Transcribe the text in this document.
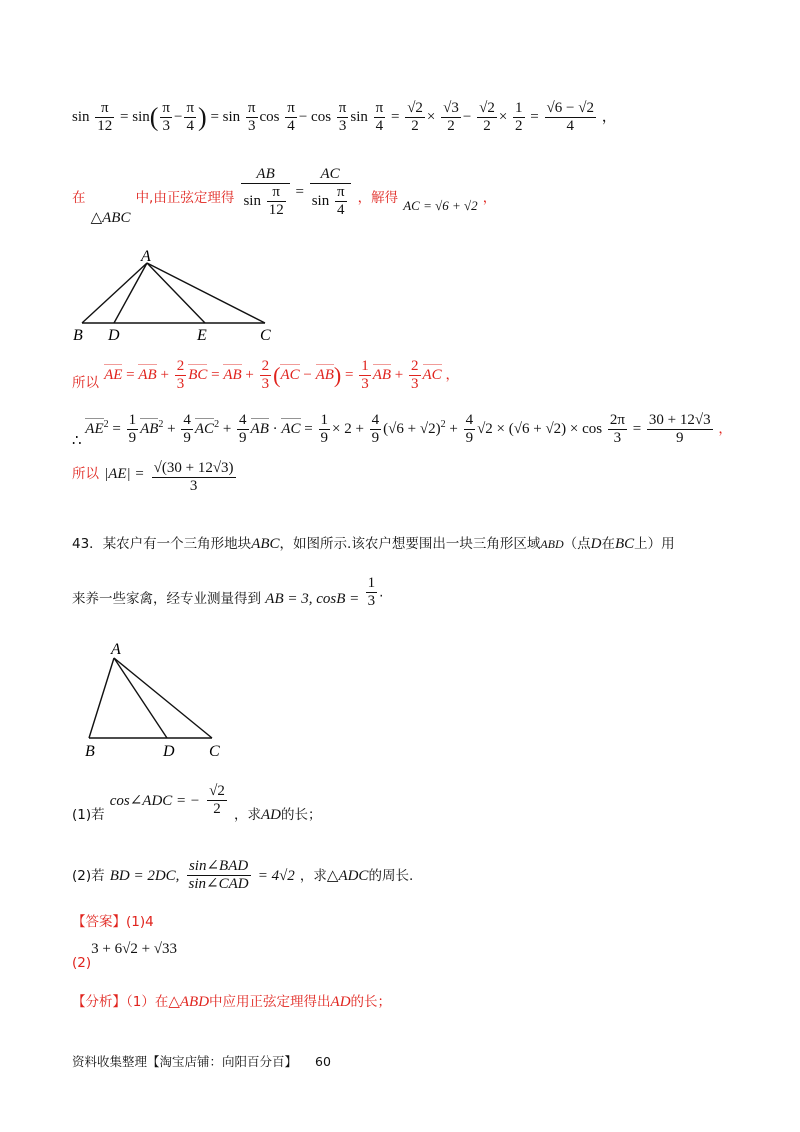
$\sin \frac{\pi}{12} = \sin( \frac{\pi}{3} - \frac{\pi}{4}$ ) = $\sin \frac{\pi}{3}$ $\cos \frac{\pi}{4} - \cos \frac{\pi}{3}$ $\sin \frac{\pi}{4} = \frac{√2}{2} \times \frac{√3}{2} - \frac{√2}{2} \times \frac{1}{2} = \frac{√6 - √2}{4}$ ，
$_在$ △ABC $_{中,由正弦定理得} \frac{AB}{\sin \frac{\pi}{12}} = \frac{AC}{\sin \frac{\pi}{4}} _{,解得}$ $_{AC = √6 + √2}$ $_,$
A
B D	E	C
$_{所以}$ AE = AB + $\frac{2}{3}$ BC = AB + $\frac{2}{3} (AC - AB) = \frac{1}{3}$ AB + $\frac{2}{3}$ AC ，
∴ $AE^2 = \frac{1}{9} AB^2 + \frac{4}{9} AC^2 + \frac{4}{9}$ AB · AC = $\frac{1}{9} \times 2 + \frac{4}{9} (√6 + √2)^2 + \frac{4}{9} √2 \times (√6 + √2) \times \cos \frac{2\pi}{3} = \frac{30 + 12√3}{9}$ ，
$^{所以}$ $|AE| = \frac{√(30 + 12√3)}{3}$
43．某农户有一个三角形地块ABC，如图所示.该农户想要围出一块三角形区域ABD（点D在BC上）用
来养一些家禽，经专业测量得到 AB = 3, $\cos B = \frac{1}{3}$ .
A
B	D C
$_{(1)若}$ cos∠ADC = − $\frac{√2}{2} _{,求}AD_{的长;}$
(2)若 BD = 2DC, $\frac{\text{sin∠BAD}}{\text{sin∠CAD}} = 4√2$ ，求△ADC的周长.
【答案】(1)4
$_{(2)}$3 + 6√2 + √33
【分析】（1）在△ABD中应用正弦定理得出AD的长；
资料收集整理【淘宝店铺：向阳百分百】 60
